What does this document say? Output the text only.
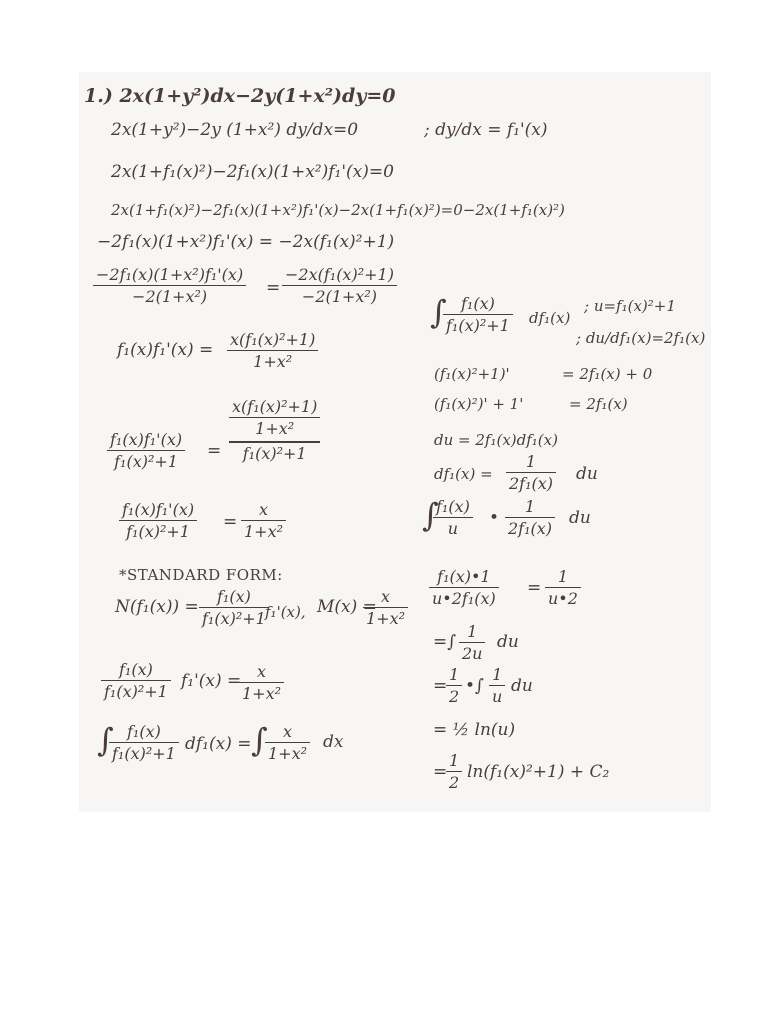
1.) 2x(1+y²)dx−2y(1+x²)dy=0
2x(1+y²)−2y (1+x²) dy/dx=0	; dy/dx = f₁'(x)
2x(1+f₁(x)²)−2f₁(x)(1+x²)f₁'(x)=0
2x(1+f₁(x)²)−2f₁(x)(1+x²)f₁'(x)−2x(1+f₁(x)²)=0−2x(1+f₁(x)²)
−2f₁(x)(1+x²)f₁'(x) = −2x(f₁(x)²+1)
−2f₁(x)(1+x²)f₁'(x)
−2(1+x²)	=
−2x(f₁(x)²+1)
−2(1+x²)
f₁(x)f₁'(x) =
x(f₁(x)²+1)
1+x²
f₁(x)f₁'(x)
f₁(x)²+1
=
x(f₁(x)²+1)
1+x²
f₁(x)²+1
f₁(x)f₁'(x)
f₁(x)²+1 =
x
1+x²
*STANDARD FORM:
N(f₁(x)) =
f₁(x)
f₁(x)²+1 f₁'(x), M(x) =
x
1+x²
f₁(x)
f₁(x)²+1
f₁'(x) = x
1+x²
∫ f₁(x)
f₁(x)²+1 df₁(x) = ∫ x
1+x²
dx
∫ f₁(x)
f₁(x)²+1 df₁(x)
; u=f₁(x)²+1
; du/df₁(x)=2f₁(x)
(f₁(x)²+1)'	= 2f₁(x) + 0
(f₁(x)²)' + 1'	= 2f₁(x)
du = 2f₁(x)df₁(x)
df₁(x) =
1
2f₁(x) du
∫
f₁(x)
u
•
1
2f₁(x)
du
f₁(x)•1
u•2f₁(x)
=
1
u•2
=∫
1
2u
du
=
1
2
•∫
1
u
du
= ½ ln(u)
=
1
2
ln(f₁(x)²+1) + C₂
